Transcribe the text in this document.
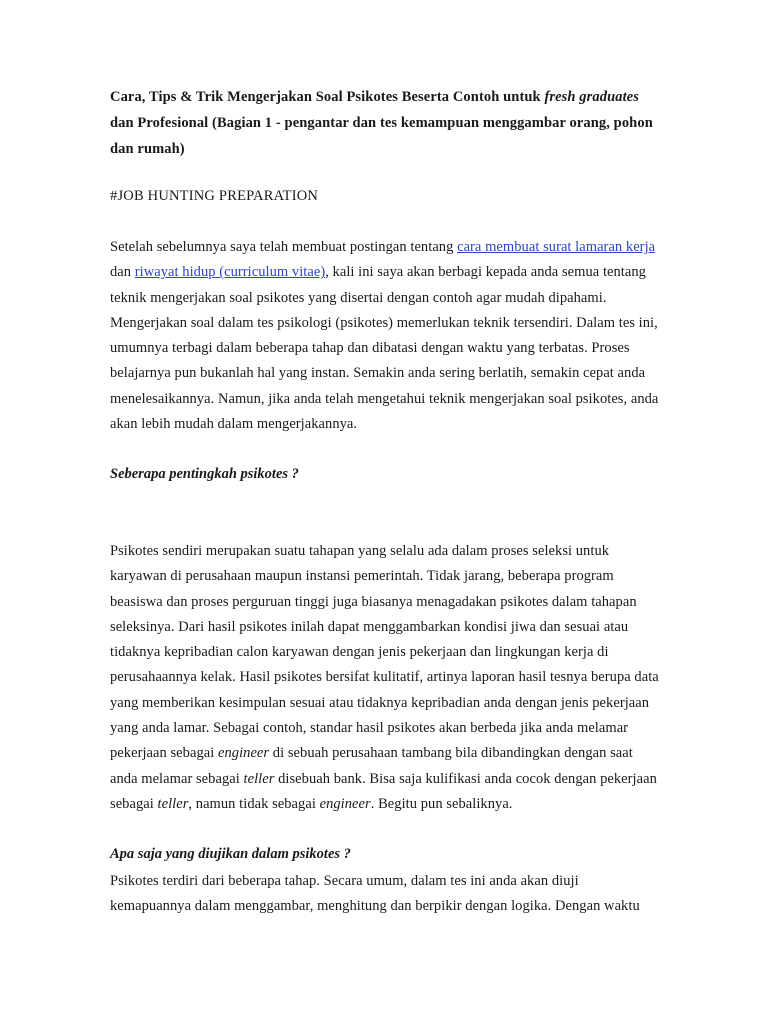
Cara, Tips & Trik Mengerjakan Soal Psikotes Beserta Contoh untuk fresh graduates
dan Profesional (Bagian 1 - pengantar dan tes kemampuan menggambar orang, pohon
dan rumah)

#JOB HUNTING PREPARATION

Setelah sebelumnya saya telah membuat postingan tentang cara membuat surat lamaran kerja
dan riwayat hidup (curriculum vitae), kali ini saya akan berbagi kepada anda semua tentang
teknik mengerjakan soal psikotes yang disertai dengan contoh agar mudah dipahami.
Mengerjakan soal dalam tes psikologi (psikotes) memerlukan teknik tersendiri. Dalam tes ini,
umumnya terbagi dalam beberapa tahap dan dibatasi dengan waktu yang terbatas. Proses
belajarnya pun bukanlah hal yang instan. Semakin anda sering berlatih, semakin cepat anda
menelesaikannya. Namun, jika anda telah mengetahui teknik mengerjakan soal psikotes, anda
akan lebih mudah dalam mengerjakannya.

Seberapa pentingkah psikotes ?

Psikotes sendiri merupakan suatu tahapan yang selalu ada dalam proses seleksi untuk
karyawan di perusahaan maupun instansi pemerintah. Tidak jarang, beberapa program
beasiswa dan proses perguruan tinggi juga biasanya menagadakan psikotes dalam tahapan
seleksinya. Dari hasil psikotes inilah dapat menggambarkan kondisi jiwa dan sesuai atau
tidaknya kepribadian calon karyawan dengan jenis pekerjaan dan lingkungan kerja di
perusahaannya kelak. Hasil psikotes bersifat kulitatif, artinya laporan hasil tesnya berupa data
yang memberikan kesimpulan sesuai atau tidaknya kepribadian anda dengan jenis pekerjaan
yang anda lamar. Sebagai contoh, standar hasil psikotes akan berbeda jika anda melamar
pekerjaan sebagai engineer di sebuah perusahaan tambang bila dibandingkan dengan saat
anda melamar sebagai teller disebuah bank. Bisa saja kulifikasi anda cocok dengan pekerjaan
sebagai teller, namun tidak sebagai engineer. Begitu pun sebaliknya.

Apa saja yang diujikan dalam psikotes ?

Psikotes terdiri dari beberapa tahap. Secara umum, dalam tes ini anda akan diuji
kemapuannya dalam menggambar, menghitung dan berpikir dengan logika. Dengan waktu
